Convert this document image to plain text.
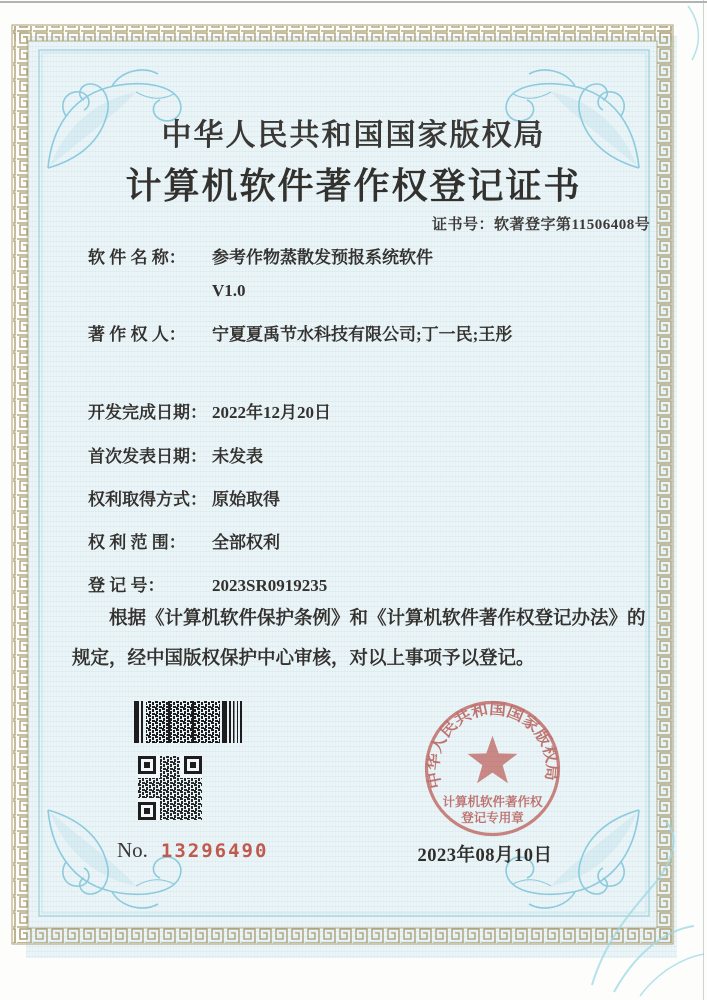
中华人民共和国国家版权局
计算机软件著作权登记证书
证书号：软著登字第11506408号
软 件 名 称：	参考作物蒸散发预报系统软件
V1.0
著 作 权 人：	宁夏夏禹节水科技有限公司;丁一民;王彤
开发完成日期： 2022年12月20日
首次发表日期： 未发表
权利取得方式： 原始取得
权 利 范 围：	全部权利
登 记 号：	2023SR0919235
根据《计算机软件保护条例》和《计算机软件著作权登记办法》的
规定，经中国版权保护中心审核，对以上事项予以登记。
中华人民共和国国家版权局
计算机软件著作权
登记专用章
No. 13296490	2023年08月10日
